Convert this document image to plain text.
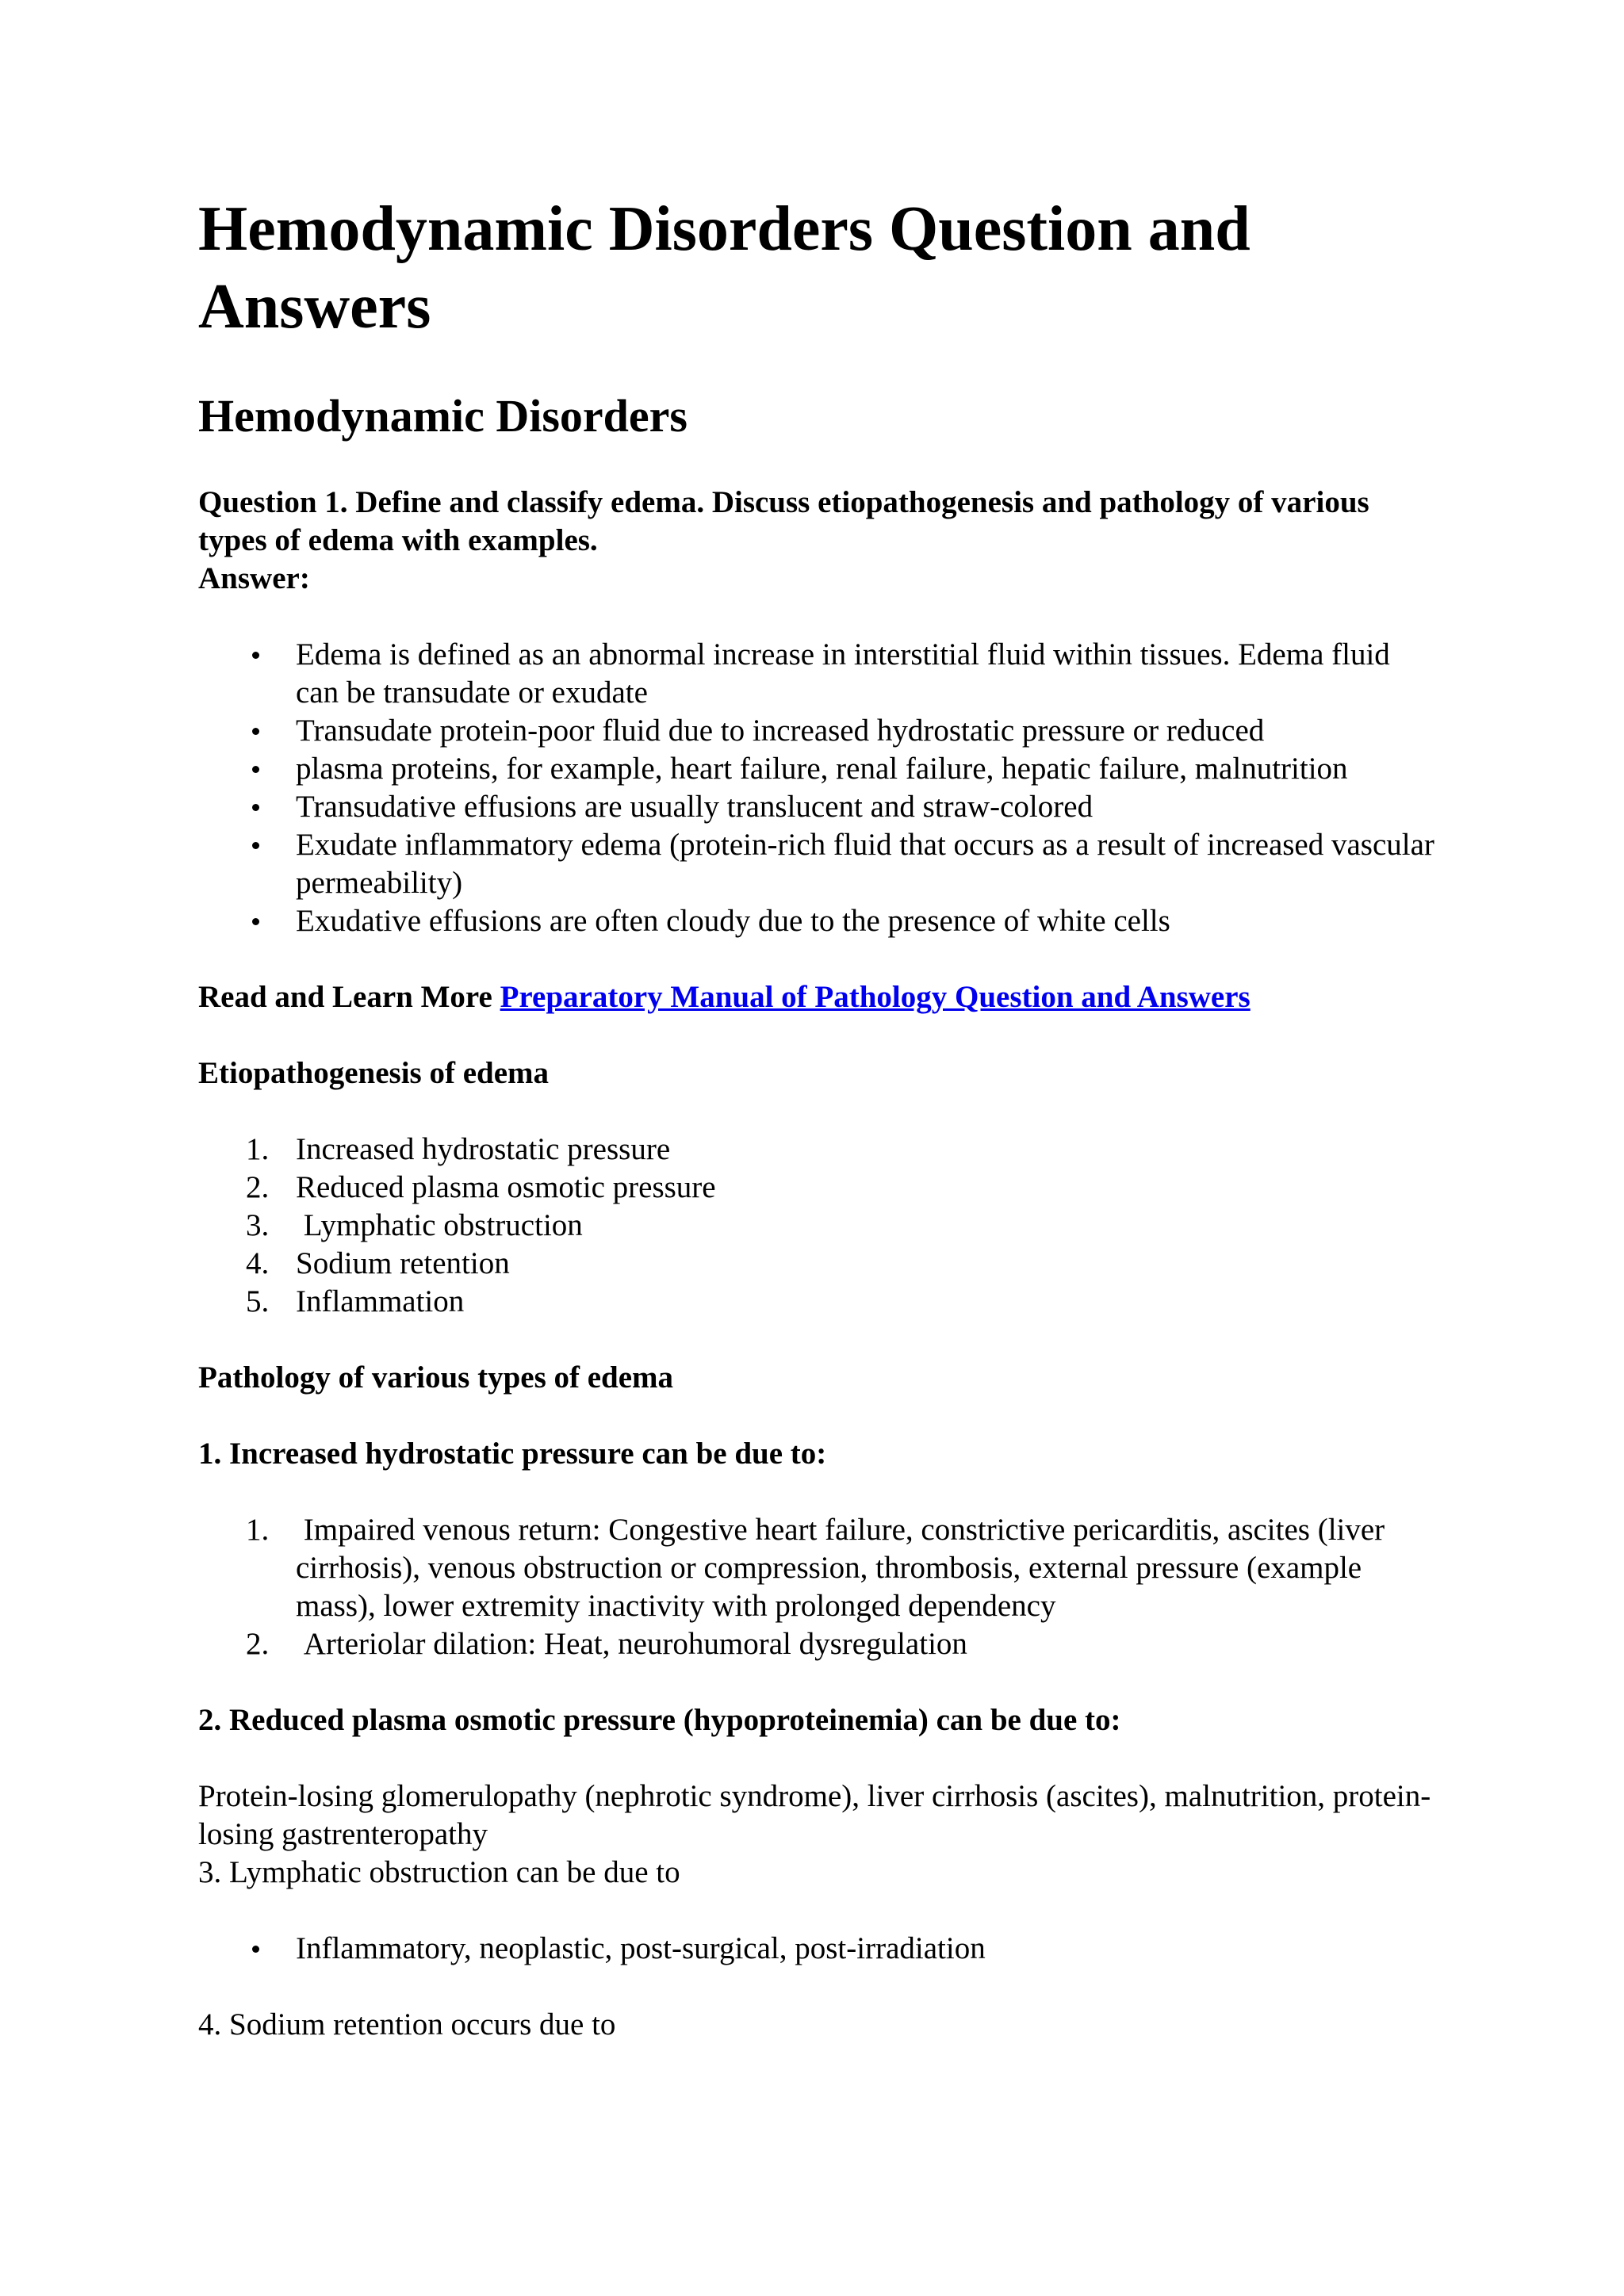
Hemodynamic Disorders Question and Answers
Hemodynamic Disorders
Question 1. Define and classify edema. Discuss etiopathogenesis and pathology of various types of edema with examples.
Answer:
Edema is defined as an abnormal increase in interstitial fluid within tissues. Edema fluid can be transudate or exudate
Transudate protein-poor fluid due to increased hydrostatic pressure or reduced
plasma proteins, for example, heart failure, renal failure, hepatic failure, malnutrition
Transudative effusions are usually translucent and straw-colored
Exudate inflammatory edema (protein-rich fluid that occurs as a result of increased vascular permeability)
Exudative effusions are often cloudy due to the presence of white cells
Read and Learn More Preparatory Manual of Pathology Question and Answers
Etiopathogenesis of edema
1. Increased hydrostatic pressure
2. Reduced plasma osmotic pressure
3. Lymphatic obstruction
4. Sodium retention
5. Inflammation
Pathology of various types of edema
1. Increased hydrostatic pressure can be due to:
1. Impaired venous return: Congestive heart failure, constrictive pericarditis, ascites (liver cirrhosis), venous obstruction or compression, thrombosis, external pressure (example mass), lower extremity inactivity with prolonged dependency
2. Arteriolar dilation: Heat, neurohumoral dysregulation
2. Reduced plasma osmotic pressure (hypoproteinemia) can be due to:
Protein-losing glomerulopathy (nephrotic syndrome), liver cirrhosis (ascites), malnutrition, protein-losing gastrenteropathy
3. Lymphatic obstruction can be due to
Inflammatory, neoplastic, post-surgical, post-irradiation
4. Sodium retention occurs due to
